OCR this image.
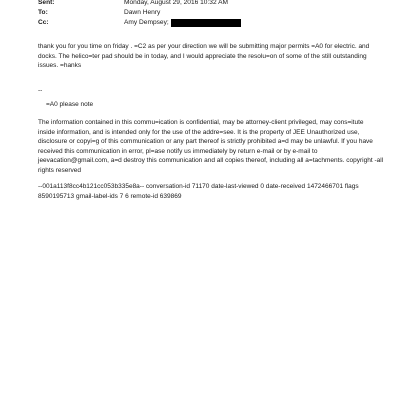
Sent:	Monday, August 29, 2016 10:32 AM
To:	Dawn Henry
Cc:	Amy Dempsey;
thank you for you time on friday . =C2 as per your direction we will be submitting major permits =A0 for electric. and
docks. The helico=ter pad should be in today, and I would appreciate the resolu=on of some of the still outstanding
issues. =hanks
--
=A0 please note
The information contained in this commu=ication is confidential, may be attorney-client privileged, may cons=itute
inside information, and is intended only for the use of the addre=see. It is the property of JEE Unauthorized use,
disclosure or copyi=g of this communication or any part thereof is strictly prohibited a=d may be unlawful. If you have
received this communication in error, pl=ase notify us immediately by return e-mail or by e-mail to
jeevacation@gmail.com, a=d destroy this communication and all copies thereof, including all a=tachments. copyright -all
rights reserved
--001a113f8cc4b121cc053b335e8a-- conversation-id 71170 date-last-viewed 0 date-received 1472466701 flags
8590195713 gmail-label-ids 7 6 remote-id 639869
